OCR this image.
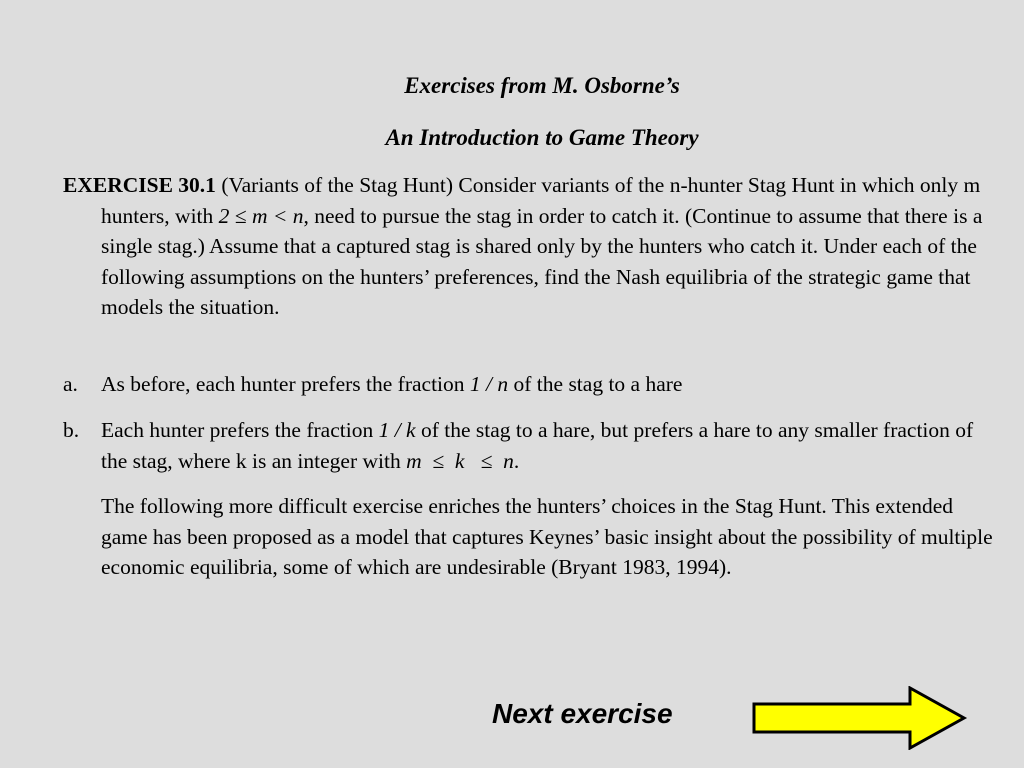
Exercises from M. Osborne’s
An Introduction to Game Theory

EXERCISE 30.1 (Variants of the Stag Hunt) Consider variants of the n-hunter Stag Hunt in which only m hunters, with 2 ≤ m < n, need to pursue the stag in order to catch it. (Continue to assume that there is a single stag.) Assume that a captured stag is shared only by the hunters who catch it. Under each of the following assumptions on the hunters’ preferences, find the Nash equilibria of the strategic game that models the situation.

a. As before, each hunter prefers the fraction 1 / n of the stag to a hare
b. Each hunter prefers the fraction 1 / k of the stag to a hare, but prefers a hare to any smaller fraction of the stag, where k is an integer with m  ≤  k   ≤  n.

The following more difficult exercise enriches the hunters’ choices in the Stag Hunt. This extended game has been proposed as a model that captures Keynes’ basic insight about the possibility of multiple economic equilibria, some of which are undesirable (Bryant 1983, 1994).

Next exercise
